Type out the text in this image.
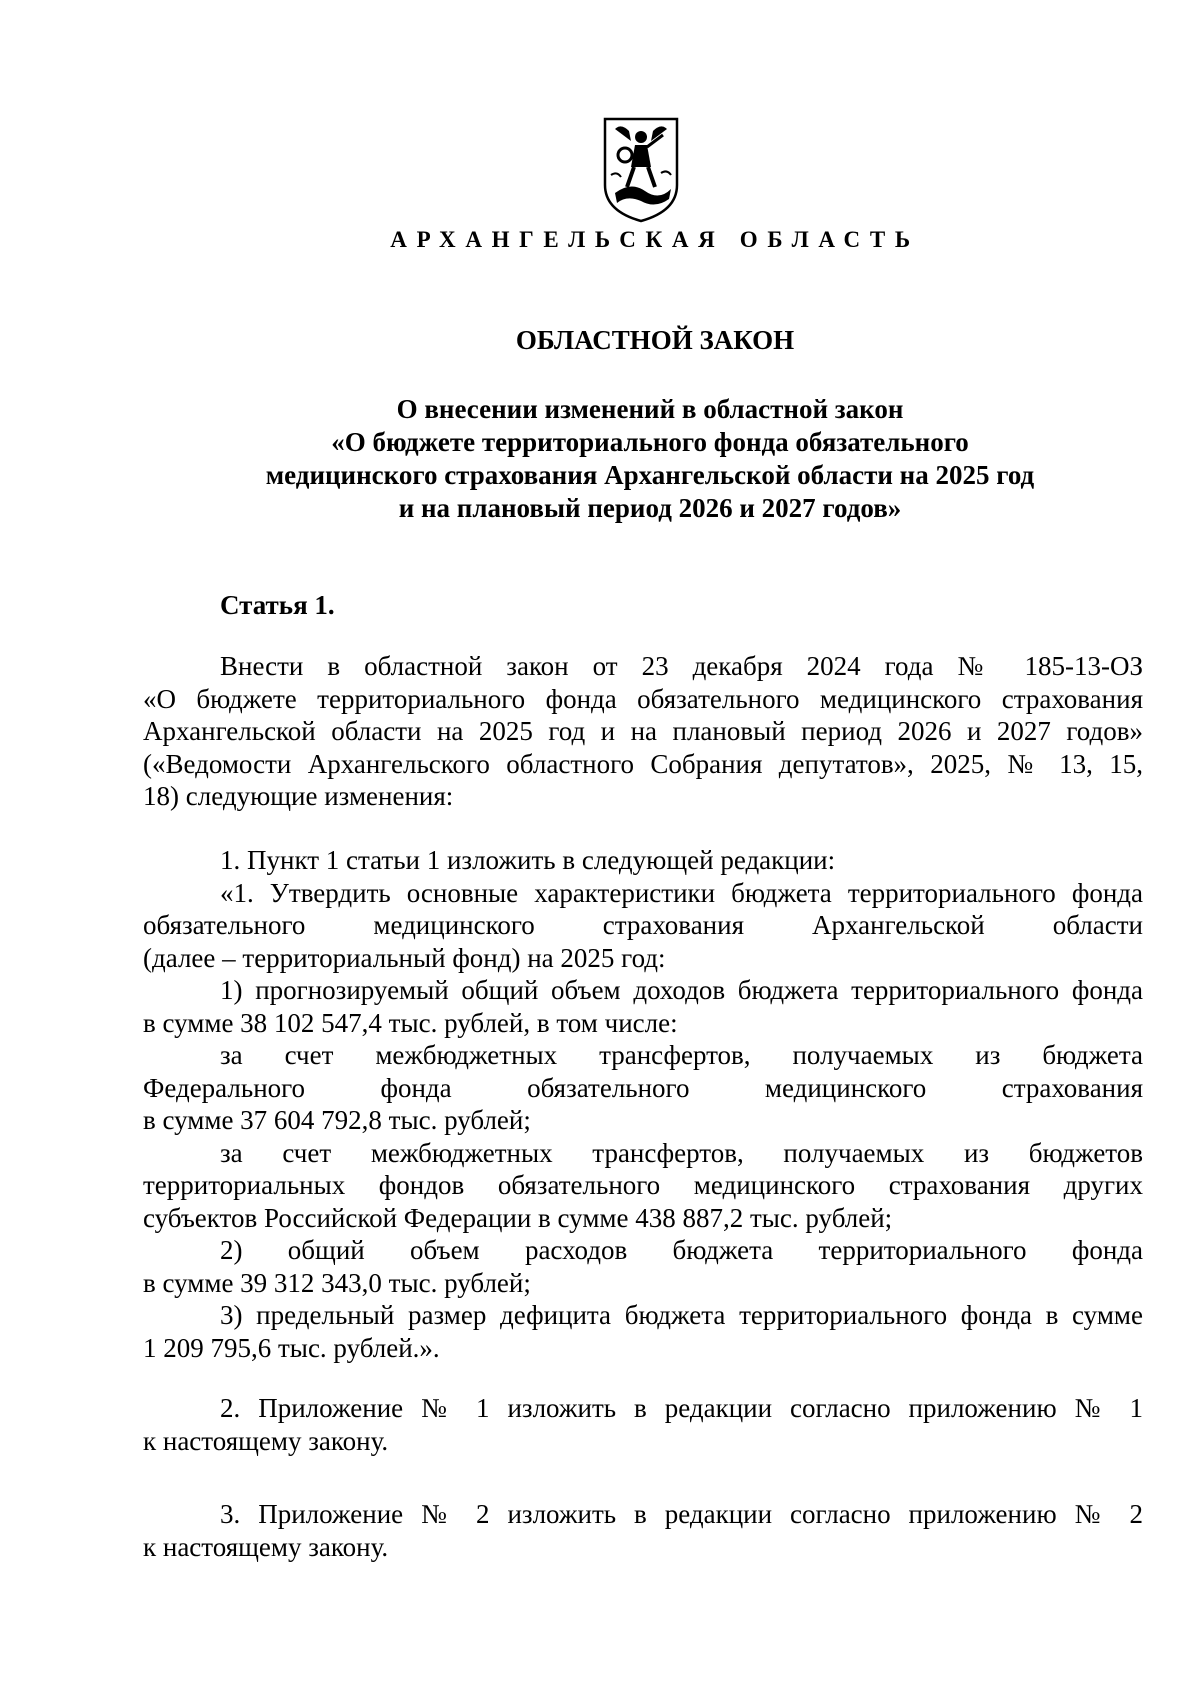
АРХАНГЕЛЬСКАЯ ОБЛАСТЬ
ОБЛАСТНОЙ ЗАКОН
О внесении изменений в областной закон
«О бюджете территориального фонда обязательного
медицинского страхования Архангельской области на 2025 год
и на плановый период 2026 и 2027 годов»
Статья 1.
Внести в областной закон от 23 декабря 2024 года № 185-13-ОЗ
«О бюджете территориального фонда обязательного медицинского страхования
Архангельской области на 2025 год и на плановый период 2026 и 2027 годов»
(«Ведомости Архангельского областного Собрания депутатов», 2025, № 13, 15,
18) следующие изменения:
1. Пункт 1 статьи 1 изложить в следующей редакции:
«1. Утвердить основные характеристики бюджета территориального фонда
обязательного медицинского страхования Архангельской области
(далее – территориальный фонд) на 2025 год:
1) прогнозируемый общий объем доходов бюджета территориального фонда
в сумме 38 102 547,4 тыс. рублей, в том числе:
за счет межбюджетных трансфертов, получаемых из бюджета
Федерального фонда обязательного медицинского страхования
в сумме 37 604 792,8 тыс. рублей;
за счет межбюджетных трансфертов, получаемых из бюджетов
территориальных фондов обязательного медицинского страхования других
субъектов Российской Федерации в сумме 438 887,2 тыс. рублей;
2) общий объем расходов бюджета территориального фонда
в сумме 39 312 343,0 тыс. рублей;
3) предельный размер дефицита бюджета территориального фонда в сумме
1 209 795,6 тыс. рублей.».
2. Приложение № 1 изложить в редакции согласно приложению № 1
к настоящему закону.
3. Приложение № 2 изложить в редакции согласно приложению № 2
к настоящему закону.
